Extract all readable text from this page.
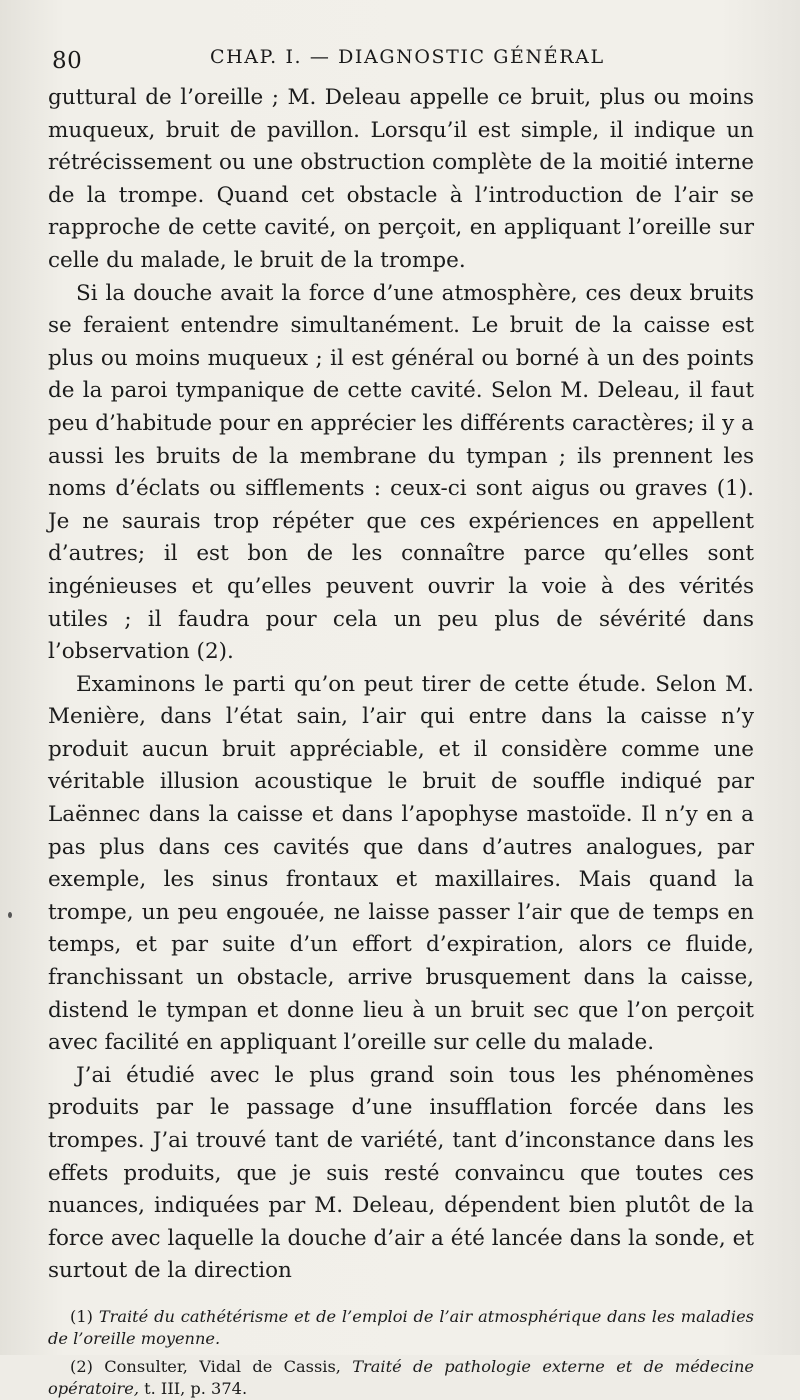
80	CHAP. I. — DIAGNOSTIC GÉNÉRAL

guttural de l’oreille ; M. Deleau appelle ce bruit, plus ou moins muqueux, bruit de pavillon. Lorsqu’il est simple, il indique un rétrécissement ou une obstruction complète de la moitié interne de la trompe. Quand cet obstacle à l’introduction de l’air se rapproche de cette cavité, on perçoit, en appliquant l’oreille sur celle du malade, le bruit de la trompe.

Si la douche avait la force d’une atmosphère, ces deux bruits se feraient entendre simultanément. Le bruit de la caisse est plus ou moins muqueux ; il est général ou borné à un des points de la paroi tympanique de cette cavité. Selon M. Deleau, il faut peu d’habitude pour en apprécier les différents caractères; il y a aussi les bruits de la membrane du tympan ; ils prennent les noms d’éclats ou sifflements : ceux-ci sont aigus ou graves (1). Je ne saurais trop répéter que ces expériences en appellent d’autres; il est bon de les connaître parce qu’elles sont ingénieuses et qu’elles peuvent ouvrir la voie à des vérités utiles ; il faudra pour cela un peu plus de sévérité dans l’observation (2).

Examinons le parti qu’on peut tirer de cette étude. Selon M. Menière, dans l’état sain, l’air qui entre dans la caisse n’y produit aucun bruit appréciable, et il considère comme une véritable illusion acoustique le bruit de souffle indiqué par Laënnec dans la caisse et dans l’apophyse mastoïde. Il n’y en a pas plus dans ces cavités que dans d’autres analogues, par exemple, les sinus frontaux et maxillaires. Mais quand la trompe, un peu engouée, ne laisse passer l’air que de temps en temps, et par suite d’un effort d’expiration, alors ce fluide, franchissant un obstacle, arrive brusquement dans la caisse, distend le tympan et donne lieu à un bruit sec que l’on perçoit avec facilité en appliquant l’oreille sur celle du malade.

J’ai étudié avec le plus grand soin tous les phénomènes produits par le passage d’une insufflation forcée dans les trompes. J’ai trouvé tant de variété, tant d’inconstance dans les effets produits, que je suis resté convaincu que toutes ces nuances, indiquées par M. Deleau, dépendent bien plutôt de la force avec laquelle la douche d’air a été lancée dans la sonde, et surtout de la direction

(1) Traité du cathétérisme et de l’emploi de l’air atmosphérique dans les maladies de l’oreille moyenne.

(2) Consulter, Vidal de Cassis, Traité de pathologie externe et de médecine opératoire, t. III, p. 374.
